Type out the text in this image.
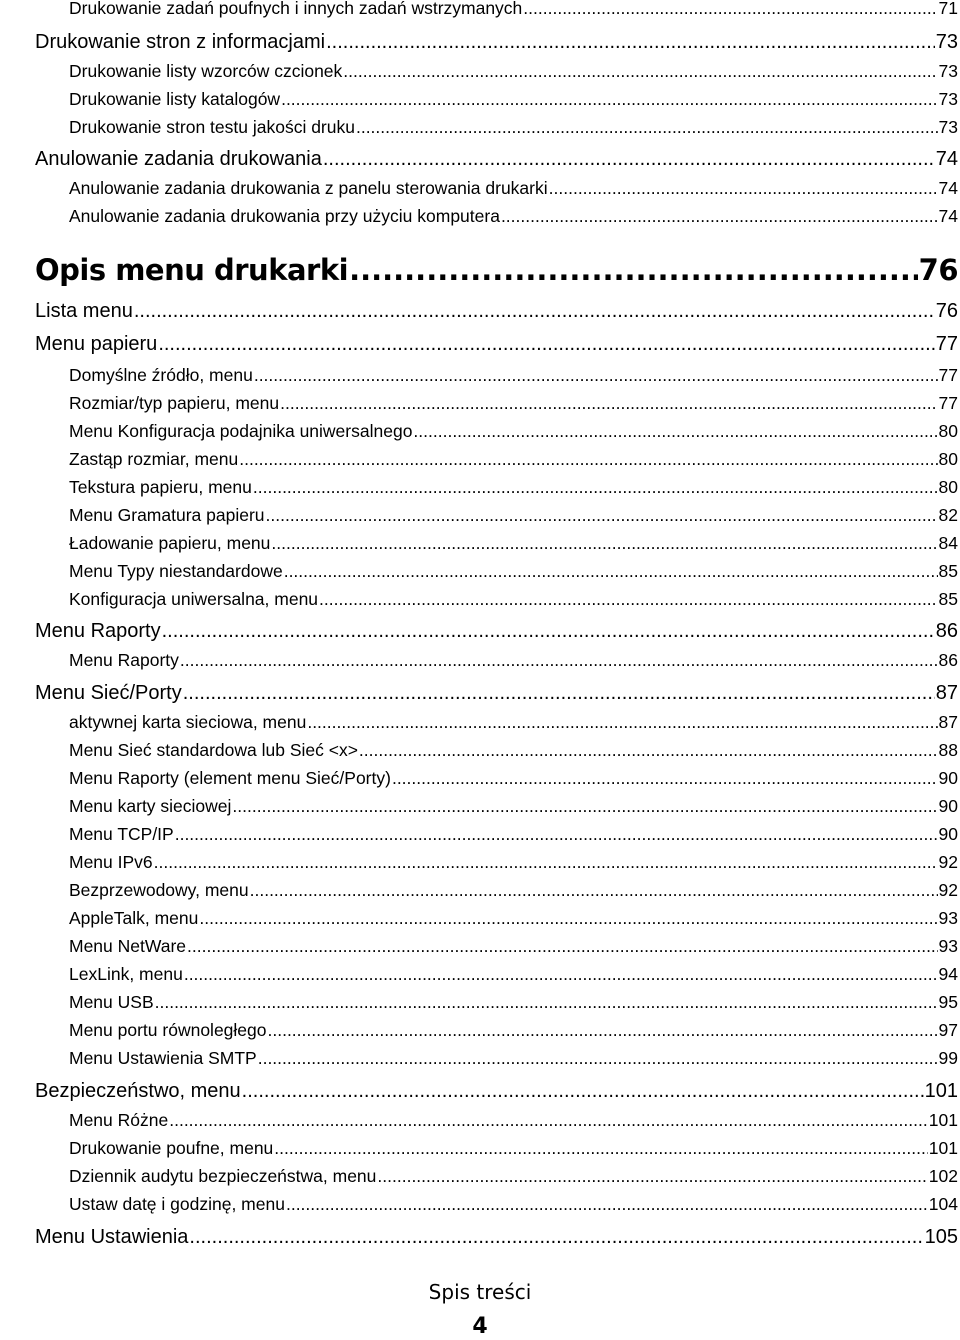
Drukowanie zadań poufnych i innych zadań wstrzymanych .....	71
Drukowanie stron z informacjami .....	73
Drukowanie listy wzorców czcionek .....	73
Drukowanie listy katalogów .....	73
Drukowanie stron testu jakości druku .....	73
Anulowanie zadania drukowania .....	74
Anulowanie zadania drukowania z panelu sterowania drukarki .....	74
Anulowanie zadania drukowania przy użyciu komputera .....	74
Opis menu drukarki .....	76
Lista menu .....	76
Menu papieru .....	77
Domyślne źródło, menu .....	77
Rozmiar/typ papieru, menu .....	77
Menu Konfiguracja podajnika uniwersalnego .....	80
Zastąp rozmiar, menu .....	80
Tekstura papieru, menu .....	80
Menu Gramatura papieru .....	82
Ładowanie papieru, menu .....	84
Menu Typy niestandardowe .....	85
Konfiguracja uniwersalna, menu .....	85
Menu Raporty .....	86
Menu Raporty .....	86
Menu Sieć/Porty .....	87
aktywnej karta sieciowa, menu .....	87
Menu Sieć standardowa lub Sieć <x> .....	88
Menu Raporty (element menu Sieć/Porty) .....	90
Menu karty sieciowej .....	90
Menu TCP/IP .....	90
Menu IPv6 .....	92
Bezprzewodowy, menu .....	92
AppleTalk, menu .....	93
Menu NetWare .....	93
LexLink, menu .....	94
Menu USB .....	95
Menu portu równoległego .....	97
Menu Ustawienia SMTP .....	99
Bezpieczeństwo, menu .....	101
Menu Różne .....	101
Drukowanie poufne, menu .....	101
Dziennik audytu bezpieczeństwa, menu .....	102
Ustaw datę i godzinę, menu .....	104
Menu Ustawienia .....	105
Spis treści
4
